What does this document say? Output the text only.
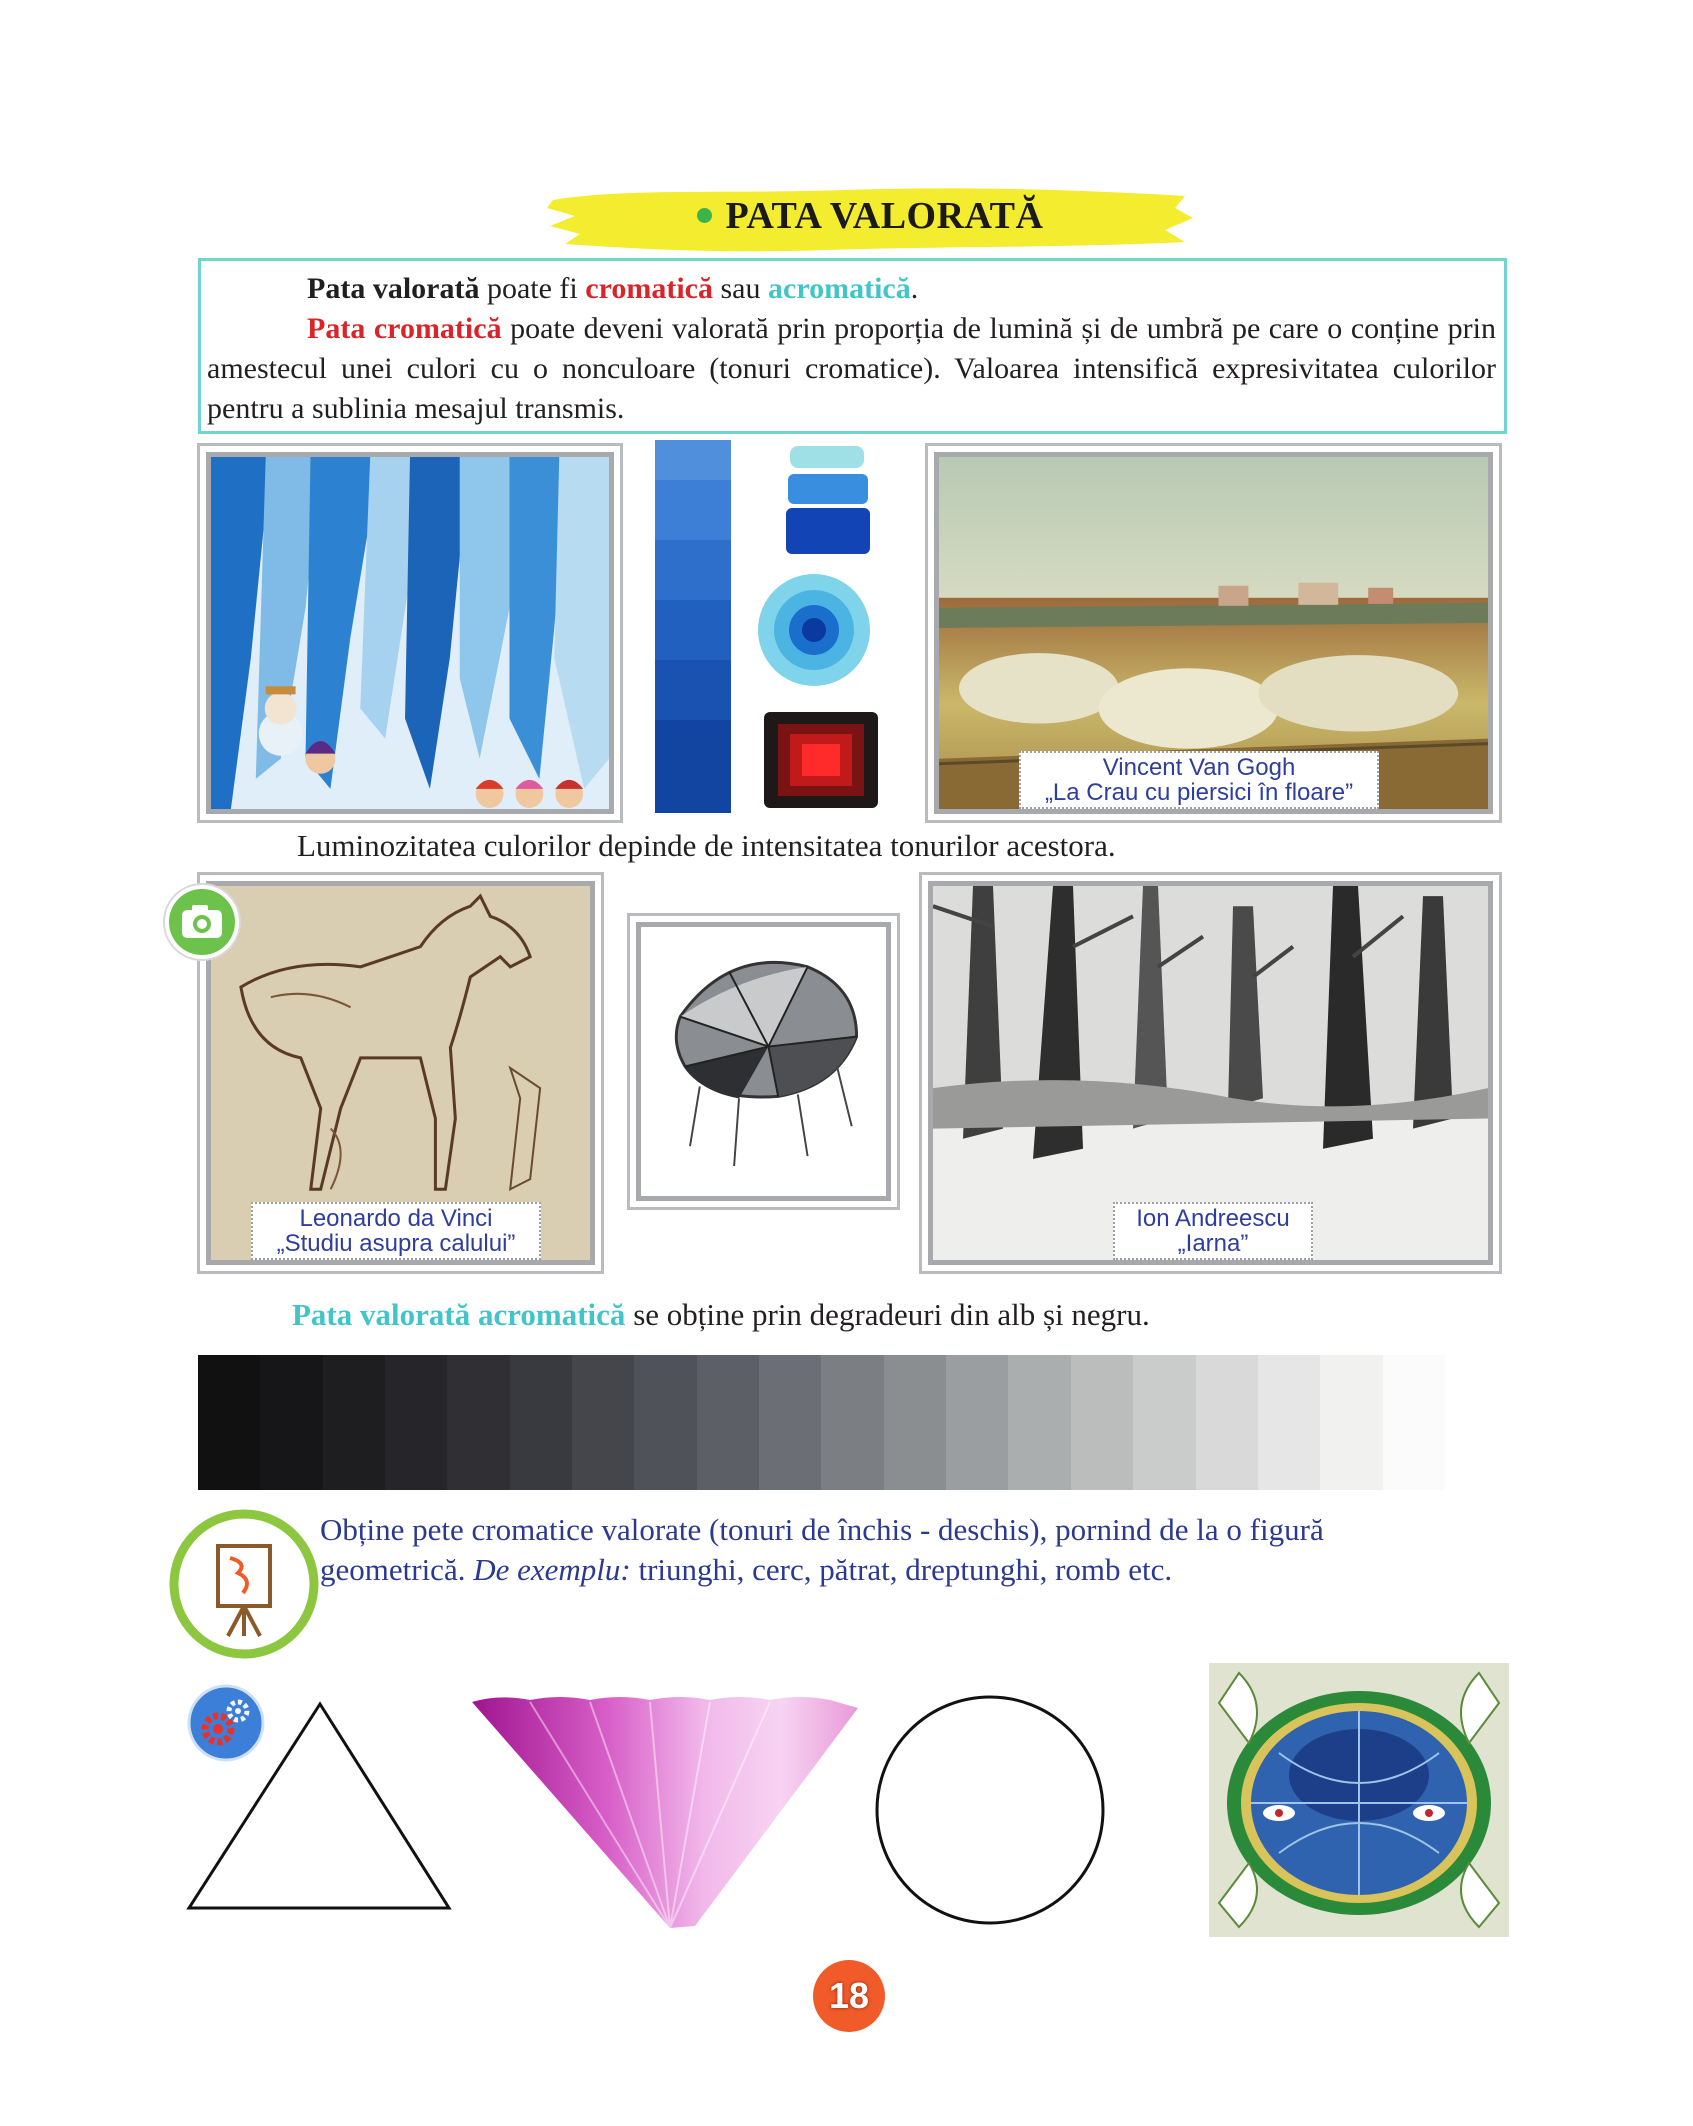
PATA VALORATĂ

Pata valorată poate fi cromatică sau acromatică.

Pata cromatică poate deveni valorată prin proporția de lumină și de umbră pe care o conține prin amestecul unei culori cu o nonculoare (tonuri cromatice). Valoarea intensifică expresivitatea culorilor pentru a sublinia mesajul transmis.

Vincent Van Gogh
„La Crau cu piersici în floare”
Luminozitatea culorilor depinde de intensitatea tonurilor acestora.
Leonardo da Vinci
„Studiu asupra calului”
Ion Andreescu
„Iarna”
Pata valorată acromatică se obține prin degradeuri din alb și negru.
Obține pete cromatice valorate (tonuri de închis - deschis), pornind de la o figură
geometrică. De exemplu: triunghi, cerc, pătrat, dreptunghi, romb etc.
18
